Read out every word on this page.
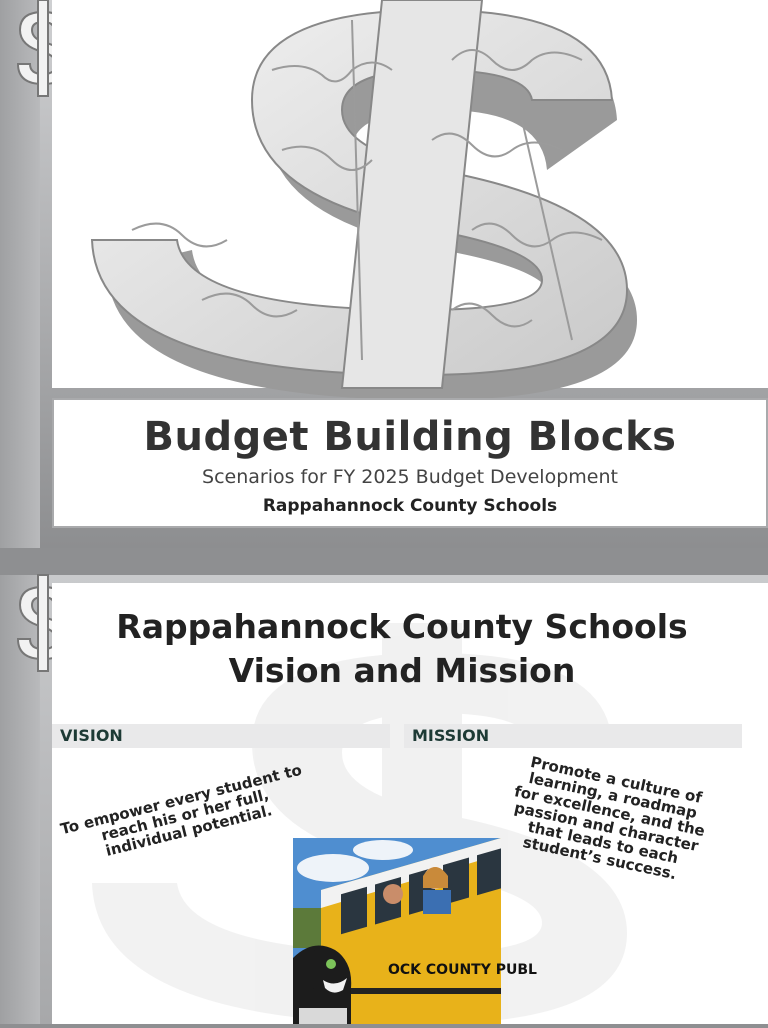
Budget Building Blocks
Scenarios for FY 2025 Budget Development
Rappahannock County Schools
Rappahannock County Schools
Vision and Mission
VISION	MISSION
To empower every student to reach his or her full, individual potential.
Promote a culture of learning, a roadmap for excellence, and the passion and character that leads to each student’s success.
OCK COUNTY PUBL
